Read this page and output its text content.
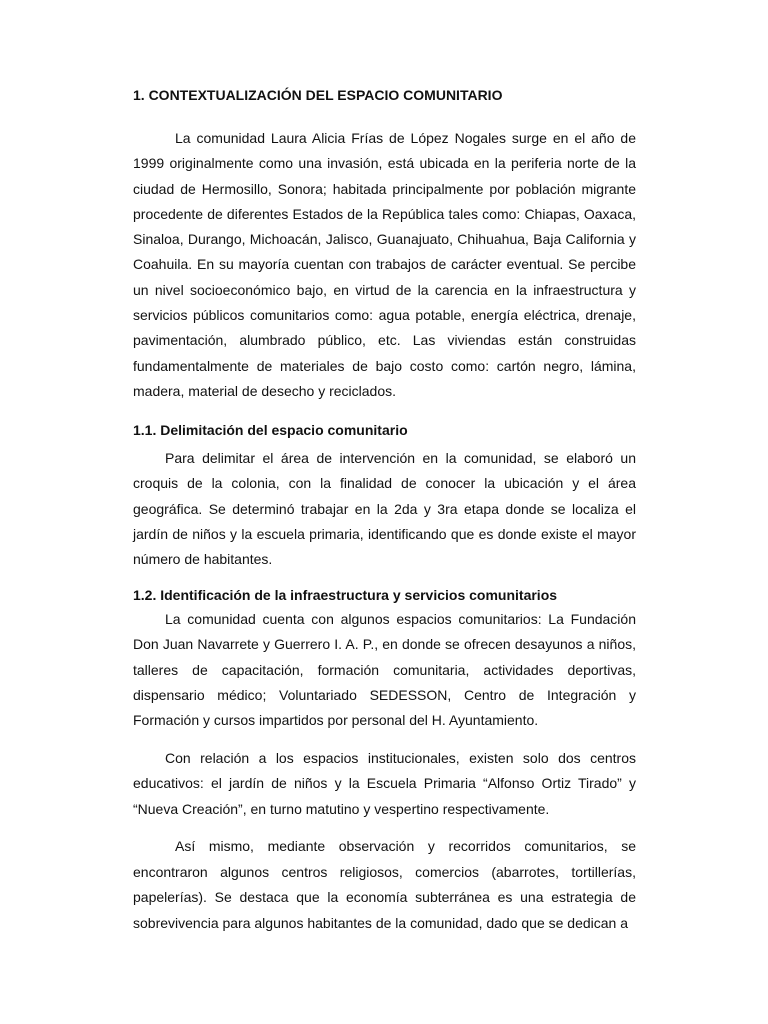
1. CONTEXTUALIZACIÓN DEL ESPACIO COMUNITARIO

La comunidad Laura Alicia Frías de López Nogales surge en el año de 1999 originalmente como una invasión, está ubicada en la periferia norte de la ciudad de Hermosillo, Sonora; habitada principalmente por población migrante procedente de diferentes Estados de la República tales como: Chiapas, Oaxaca, Sinaloa, Durango, Michoacán, Jalisco, Guanajuato, Chihuahua, Baja California y Coahuila. En su mayoría cuentan con trabajos de carácter eventual. Se percibe un nivel socioeconómico bajo, en virtud de la carencia en la infraestructura y servicios públicos comunitarios como: agua potable, energía eléctrica, drenaje, pavimentación, alumbrado público, etc. Las viviendas están construidas fundamentalmente de materiales de bajo costo como: cartón negro, lámina, madera, material de desecho y reciclados.

1.1. Delimitación del espacio comunitario

Para delimitar el área de intervención en la comunidad, se elaboró un croquis de la colonia, con la finalidad de conocer la ubicación y el área geográfica. Se determinó trabajar en la 2da y 3ra etapa donde se localiza el jardín de niños y la escuela primaria, identificando que es donde existe el mayor número de habitantes.

1.2. Identificación de la infraestructura y servicios comunitarios

La comunidad cuenta con algunos espacios comunitarios: La Fundación Don Juan Navarrete y Guerrero I. A. P., en donde se ofrecen desayunos a niños, talleres de capacitación, formación comunitaria, actividades deportivas, dispensario médico; Voluntariado SEDESSON, Centro de Integración y Formación y cursos impartidos por personal del H. Ayuntamiento.

Con relación a los espacios institucionales, existen solo dos centros educativos: el jardín de niños y la Escuela Primaria “Alfonso Ortiz Tirado” y “Nueva Creación”, en turno matutino y vespertino respectivamente.

Así mismo, mediante observación y recorridos comunitarios, se encontraron algunos centros religiosos, comercios (abarrotes, tortillerías, papelerías). Se destaca que la economía subterránea es una estrategia de sobrevivencia para algunos habitantes de la comunidad, dado que se dedican a
